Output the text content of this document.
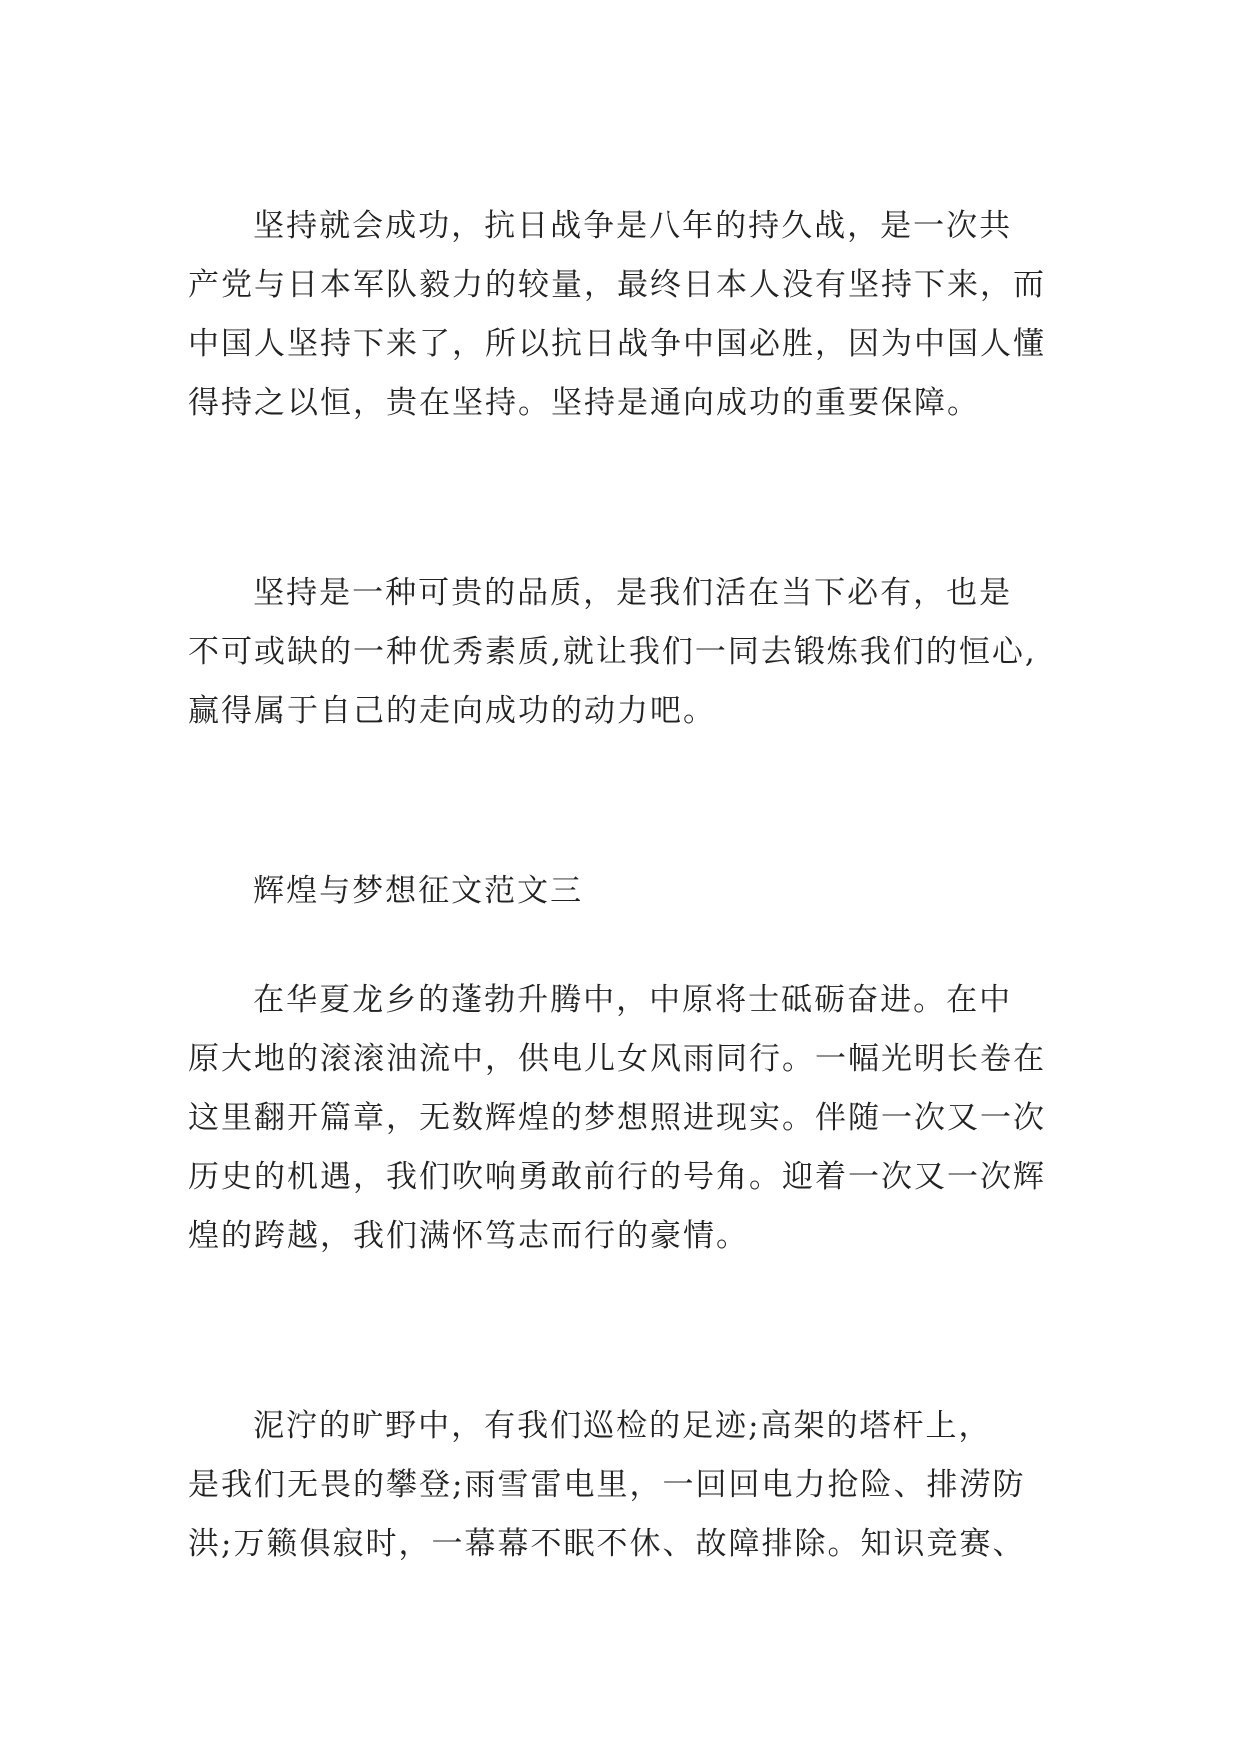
坚持就会成功，抗日战争是八年的持久战，是一次共
产党与日本军队毅力的较量，最终日本人没有坚持下来，而
中国人坚持下来了，所以抗日战争中国必胜，因为中国人懂
得持之以恒，贵在坚持。坚持是通向成功的重要保障。

坚持是一种可贵的品质，是我们活在当下必有，也是
不可或缺的一种优秀素质,就让我们一同去锻炼我们的恒心,
赢得属于自己的走向成功的动力吧。

辉煌与梦想征文范文三

在华夏龙乡的蓬勃升腾中，中原将士砥砺奋进。在中
原大地的滚滚油流中，供电儿女风雨同行。一幅光明长卷在
这里翻开篇章，无数辉煌的梦想照进现实。伴随一次又一次
历史的机遇，我们吹响勇敢前行的号角。迎着一次又一次辉
煌的跨越，我们满怀笃志而行的豪情。

泥泞的旷野中，有我们巡检的足迹;高架的塔杆上，
是我们无畏的攀登;雨雪雷电里，一回回电力抢险、排涝防
洪;万籁俱寂时，一幕幕不眠不休、故障排除。知识竞赛、
